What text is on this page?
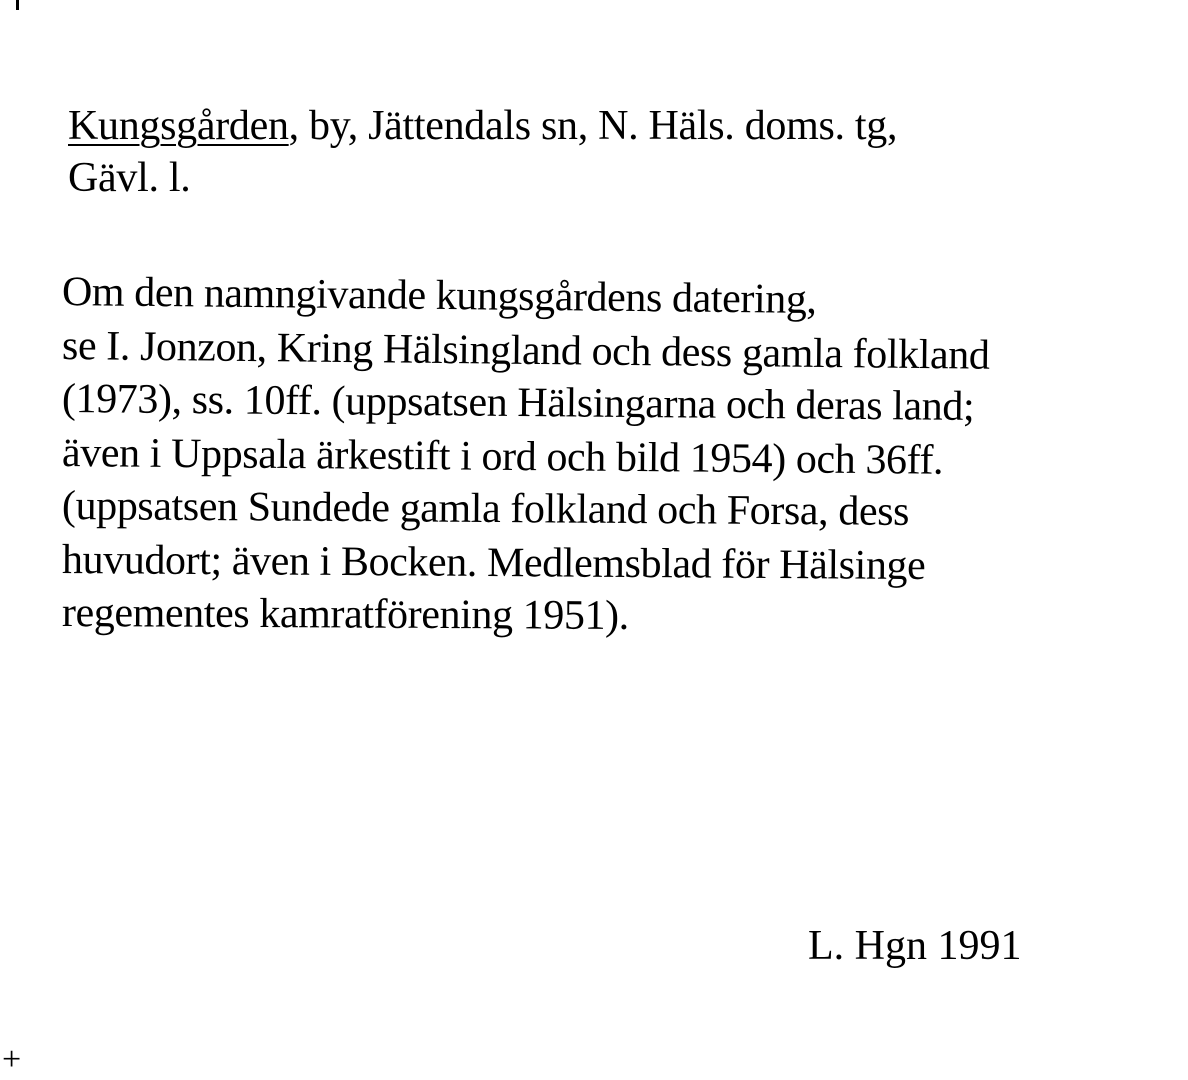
Kungsgården, by, Jättendals sn, N. Häls. doms. tg,
Gävl. l.
Om den namngivande kungsgårdens datering,
se I. Jonzon, Kring Hälsingland och dess gamla folkland
(1973), ss. 10ff. (uppsatsen Hälsingarna och deras land;
även i Uppsala ärkestift i ord och bild 1954) och 36ff.
(uppsatsen Sundede gamla folkland och Forsa, dess
huvudort; även i Bocken. Medlemsblad för Hälsinge
regementes kamratförening 1951).
L. Hgn 1991
+
